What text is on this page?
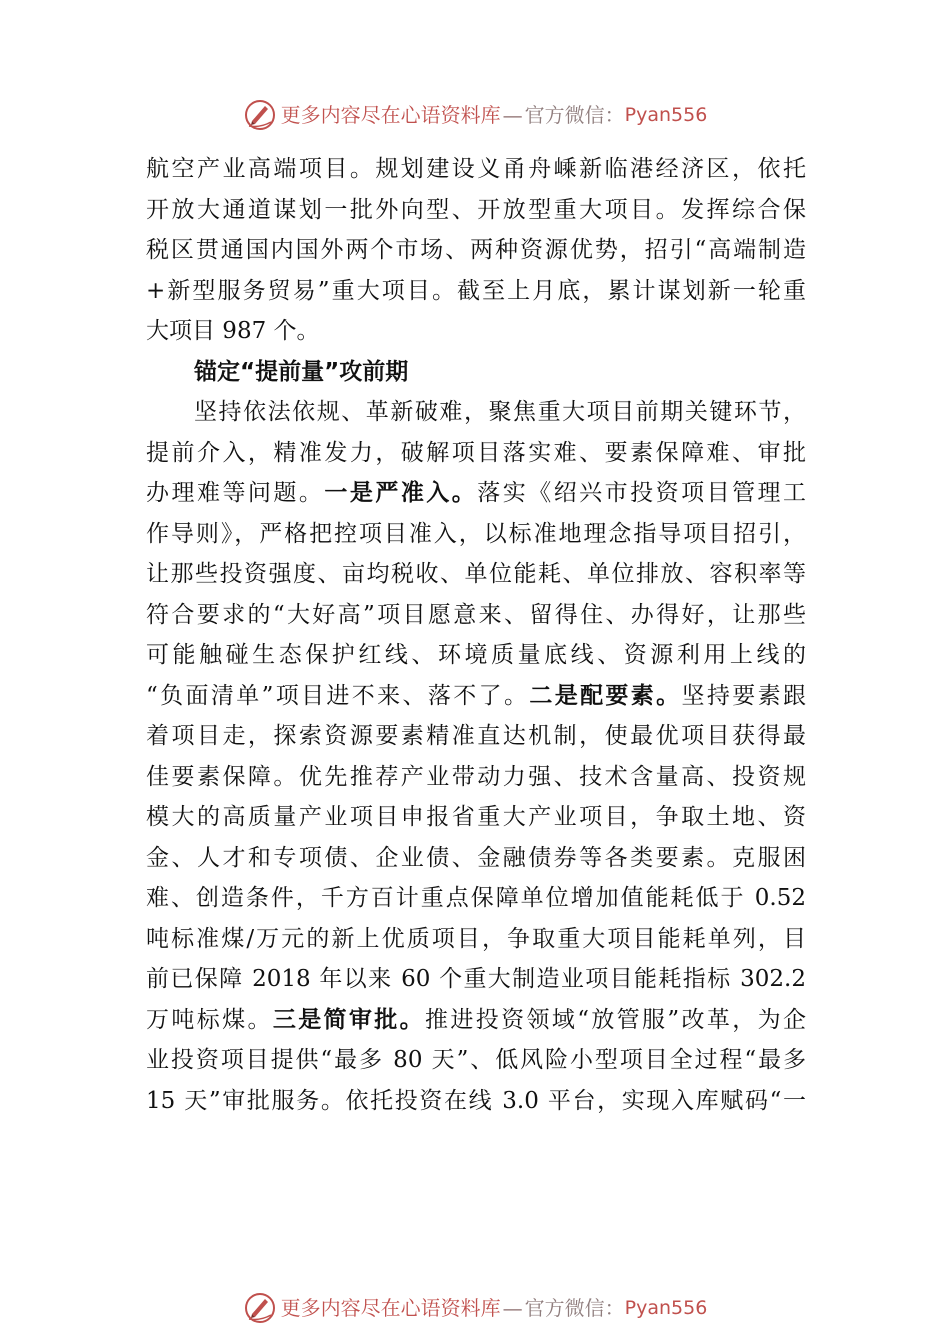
更多内容尽在心语资料库 — 官方微信： Pyan556
航空产业高端项目。规划建设义甬舟嵊新临港经济区，依托
开放大通道谋划一批外向型、开放型重大项目。发挥综合保
税区贯通国内国外两个市场、两种资源优势，招引“高端制造
+新型服务贸易”重大项目。截至上月底，累计谋划新一轮重
大项目 987 个。
锚定“提前量”攻前期
坚持依法依规、革新破难，聚焦重大项目前期关键环节，
提前介入，精准发力，破解项目落实难、要素保障难、审批
办理难等问题。一是严准入。落实《绍兴市投资项目管理工
作导则》，严格把控项目准入，以标准地理念指导项目招引，
让那些投资强度、亩均税收、单位能耗、单位排放、容积率等
符合要求的“大好高”项目愿意来、留得住、办得好，让那些
可能触碰生态保护红线、环境质量底线、资源利用上线的
“负面清单”项目进不来、落不了。二是配要素。坚持要素跟
着项目走，探索资源要素精准直达机制，使最优项目获得最
佳要素保障。优先推荐产业带动力强、技术含量高、投资规
模大的高质量产业项目申报省重大产业项目，争取土地、资
金、人才和专项债、企业债、金融债券等各类要素。克服困
难、创造条件，千方百计重点保障单位增加值能耗低于 0.52
吨标准煤/万元的新上优质项目，争取重大项目能耗单列，目
前已保障 2018 年以来 60 个重大制造业项目能耗指标 302.2
万吨标煤。三是简审批。推进投资领域“放管服”改革，为企
业投资项目提供“最多 80 天”、低风险小型项目全过程“最多
15 天”审批服务。依托投资在线 3.0 平台，实现入库赋码“一
更多内容尽在心语资料库 — 官方微信： Pyan556
